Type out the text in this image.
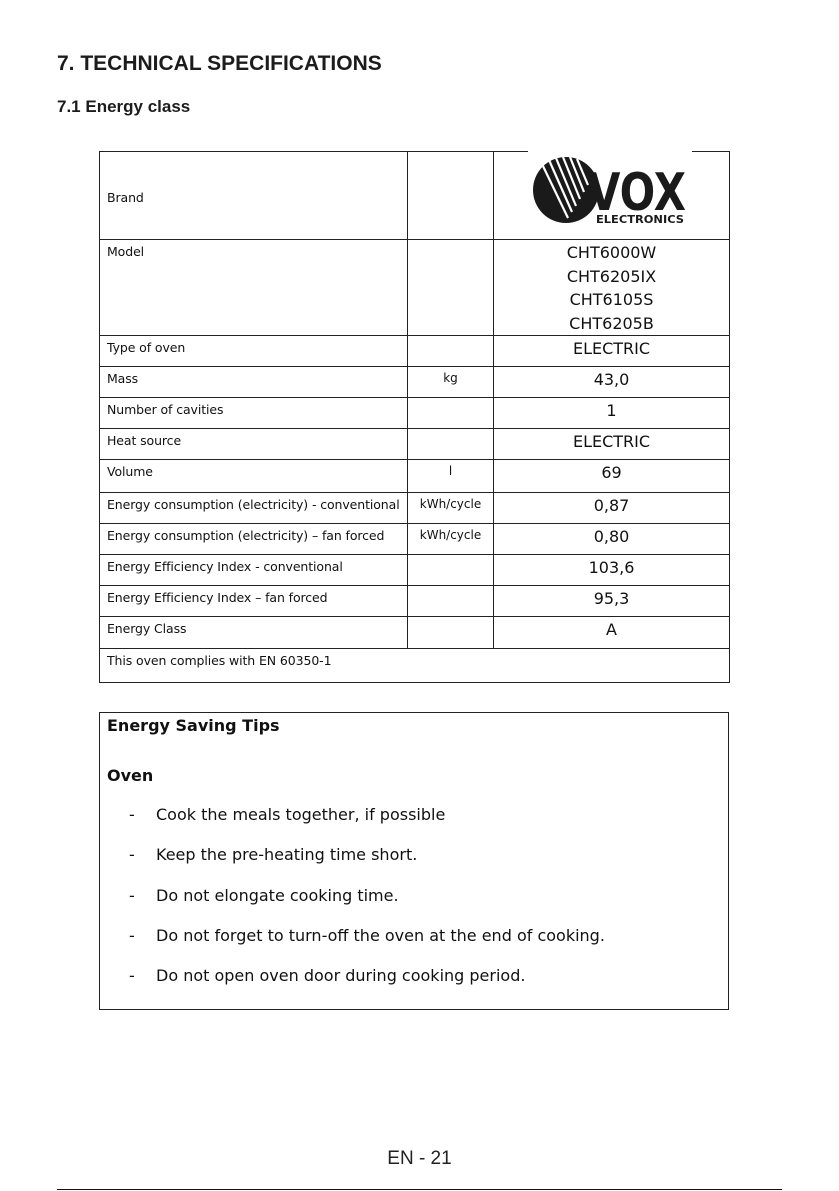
7. TECHNICAL SPECIFICATIONS
7.1 Energy class
Brand		VOX
ELECTRONICS

Model		CHT6000W
CHT6205IX
CHT6105S
CHT6205B

Type of oven		ELECTRIC
Mass	kg	43,0
Number of cavities		1
Heat source		ELECTRIC
Volume	l	69
Energy consumption (electricity) - conventional	kWh/cycle	0,87
Energy consumption (electricity) – fan forced	kWh/cycle	0,80
Energy Efficiency Index - conventional		103,6
Energy Efficiency Index – fan forced		95,3
Energy Class		A
This oven complies with EN 60350-1		
Energy Saving Tips
Oven
-	Cook the meals together, if possible
-	Keep the pre-heating time short.
-	Do not elongate cooking time.
-	Do not forget to turn-off the oven at the end of cooking.
-	Do not open oven door during cooking period.
EN - 21
